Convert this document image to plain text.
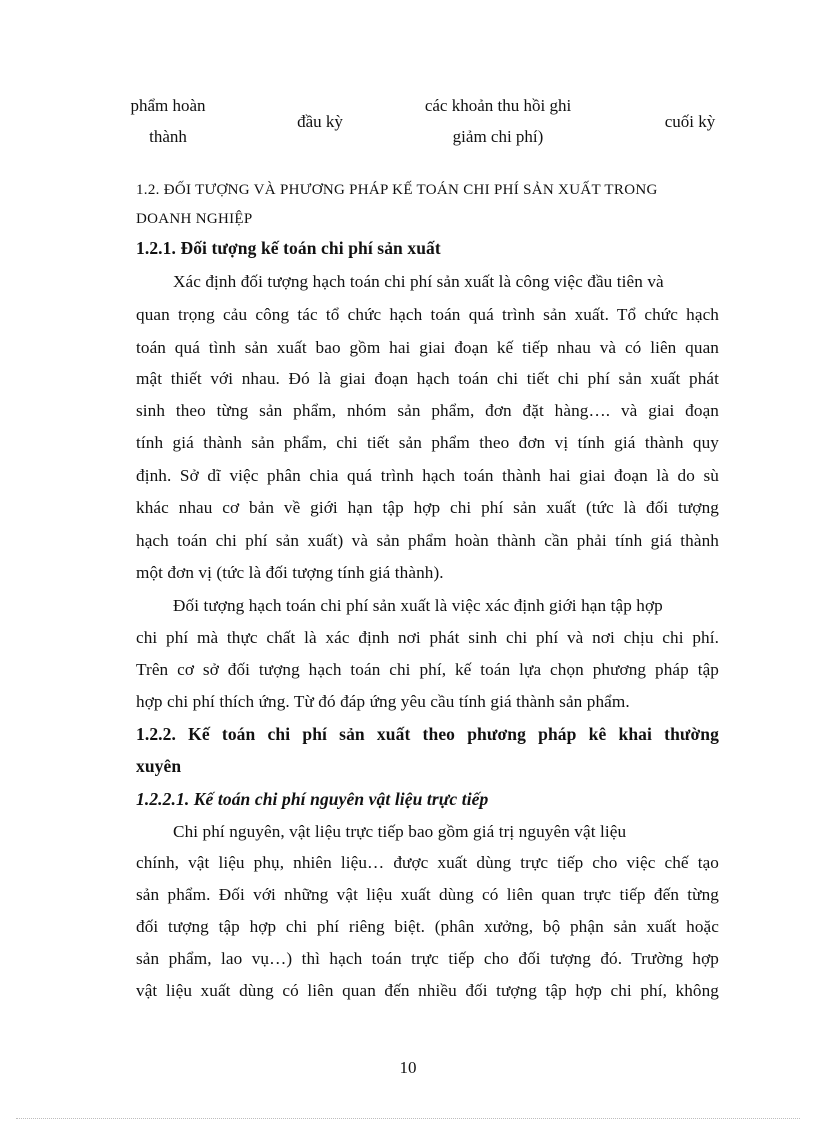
phẩm hoàn
thành
đầu kỳ
các khoản thu hồi ghi
giảm chi phí)
cuối kỳ
1.2. ĐỐI TƯỢNG VÀ PHƯƠNG PHÁP KẾ TOÁN CHI PHÍ SẢN XUẤT TRONG
DOANH NGHIỆP
1.2.1. Đối tượng kế toán chi phí sản xuất
Xác định đối tượng hạch toán chi phí sản xuất là công việc đầu tiên và
quan trọng cảu công tác tổ chức hạch toán quá trình sản xuất. Tổ chức hạch
toán quá tình sản xuất bao gồm hai giai đoạn kế tiếp nhau và có liên quan
mật thiết với nhau. Đó là giai đoạn hạch toán chi tiết chi phí sản xuất phát
sinh theo từng sản phẩm, nhóm sản phẩm, đơn đặt hàng…. và giai đoạn
tính giá thành sản phẩm, chi tiết sản phẩm theo đơn vị tính giá thành quy
định. Sở dĩ việc phân chia quá trình hạch toán thành hai giai đoạn là do sù
khác nhau cơ bản về giới hạn tập hợp chi phí sản xuất (tức là đối tượng
hạch toán chi phí sản xuất) và sản phẩm hoàn thành cần phải tính giá thành
một đơn vị (tức là đối tượng tính giá thành).
Đối tượng hạch toán chi phí sản xuất là việc xác định giới hạn tập hợp
chi phí mà thực chất là xác định nơi phát sinh chi phí và nơi chịu chi phí.
Trên cơ sở đối tượng hạch toán chi phí, kế toán lựa chọn phương pháp tập
hợp chi phí thích ứng. Từ đó đáp ứng yêu cầu tính giá thành sản phẩm.
1.2.2. Kế toán chi phí sản xuất theo phương pháp kê khai thường
xuyên
1.2.2.1. Kế toán chi phí nguyên vật liệu trực tiếp
Chi phí nguyên, vật liệu trực tiếp bao gồm giá trị nguyên vật liệu
chính, vật liệu phụ, nhiên liệu… được xuất dùng trực tiếp cho việc chế tạo
sản phẩm. Đối với những vật liệu xuất dùng có liên quan trực tiếp đến từng
đối tượng tập hợp chi phí riêng biệt. (phân xưởng, bộ phận sản xuất hoặc
sản phẩm, lao vụ…) thì hạch toán trực tiếp cho đối tượng đó. Trường hợp
vật liệu xuất dùng có liên quan đến nhiều đối tượng tập hợp chi phí, không
10
